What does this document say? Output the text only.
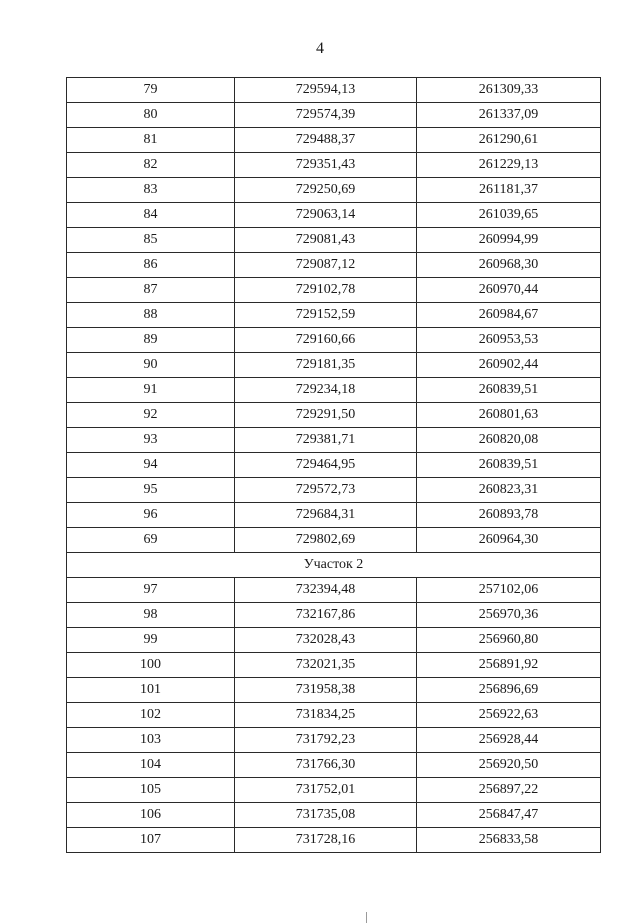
4
79	729594,13	261309,33
80	729574,39	261337,09
81	729488,37	261290,61
82	729351,43	261229,13
83	729250,69	261181,37
84	729063,14	261039,65
85	729081,43	260994,99
86	729087,12	260968,30
87	729102,78	260970,44
88	729152,59	260984,67
89	729160,66	260953,53
90	729181,35	260902,44
91	729234,18	260839,51
92	729291,50	260801,63
93	729381,71	260820,08
94	729464,95	260839,51
95	729572,73	260823,31
96	729684,31	260893,78
69	729802,69	260964,30
Участок 2		
97	732394,48	257102,06
98	732167,86	256970,36
99	732028,43	256960,80
100	732021,35	256891,92
101	731958,38	256896,69
102	731834,25	256922,63
103	731792,23	256928,44
104	731766,30	256920,50
105	731752,01	256897,22
106	731735,08	256847,47
107	731728,16	256833,58
